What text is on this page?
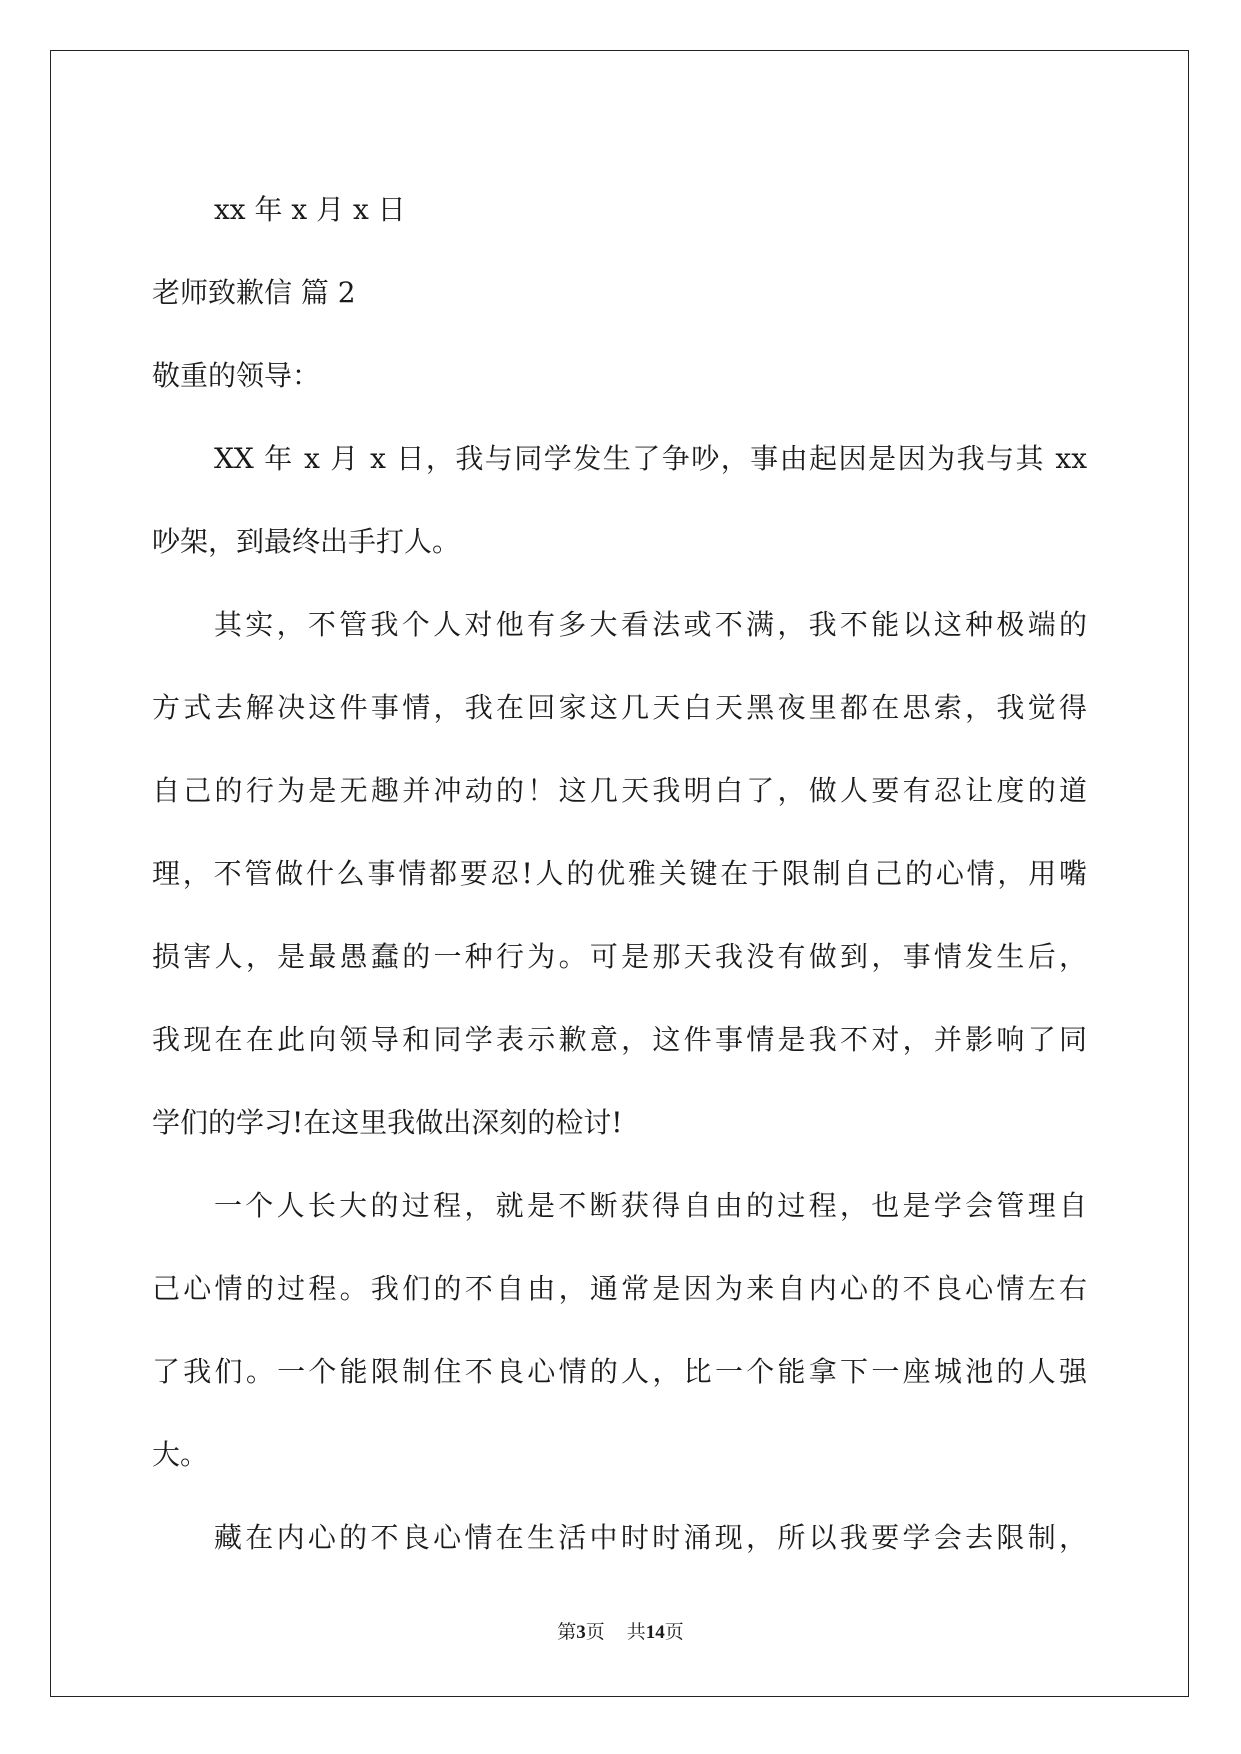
xx 年 x 月 x 日
老师致歉信 篇 2
敬重的领导：
XX 年 x 月 x 日，我与同学发生了争吵，事由起因是因为我与其 xx
吵架，到最终出手打人。
其实，不管我个人对他有多大看法或不满，我不能以这种极端的
方式去解决这件事情，我在回家这几天白天黑夜里都在思索，我觉得
自己的行为是无趣并冲动的！这几天我明白了，做人要有忍让度的道
理，不管做什么事情都要忍!人的优雅关键在于限制自己的心情，用嘴
损害人，是最愚蠢的一种行为。可是那天我没有做到，事情发生后，
我现在在此向领导和同学表示歉意，这件事情是我不对，并影响了同
学们的学习!在这里我做出深刻的检讨!
一个人长大的过程，就是不断获得自由的过程，也是学会管理自
己心情的过程。我们的不自由，通常是因为来自内心的不良心情左右
了我们。一个能限制住不良心情的人，比一个能拿下一座城池的人强
大。
藏在内心的不良心情在生活中时时涌现，所以我要学会去限制，
第3页 共14页
